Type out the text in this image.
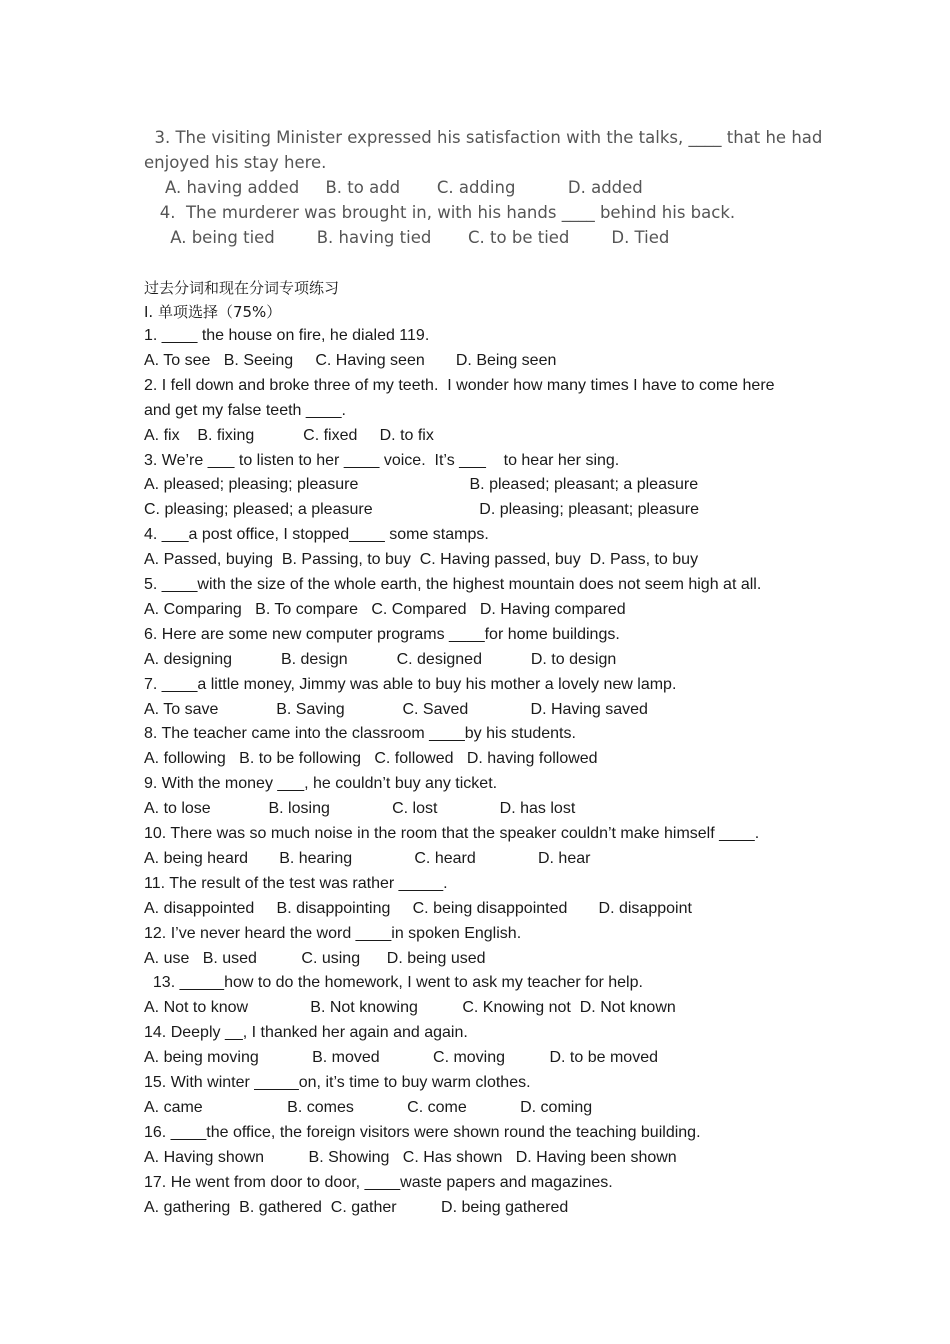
3. The visiting Minister expressed his satisfaction with the talks, ____ that he had
enjoyed his stay here.
A. having added     B. to add       C. adding          D. added
4.  The murderer was brought in, with his hands ____ behind his back.
A. being tied        B. having tied       C. to be tied        D. Tied
过去分词和现在分词专项练习
I. 单项选择（75%）
1. ____ the house on fire, he dialed 119.
A. To see   B. Seeing     C. Having seen       D. Being seen
2. I fell down and broke three of my teeth.  I wonder how many times I have to come here
and get my false teeth ____.
A. fix    B. fixing           C. fixed     D. to fix
3. We’re ___ to listen to her ____ voice.  It’s ___    to hear her sing.
A. pleased; pleasing; pleasure                         B. pleased; pleasant; a pleasure
C. pleasing; pleased; a pleasure                        D. pleasing; pleasant; pleasure
4. ___a post office, I stopped____ some stamps.
A. Passed, buying  B. Passing, to buy  C. Having passed, buy  D. Pass, to buy
5. ____with the size of the whole earth, the highest mountain does not seem high at all.
A. Comparing   B. To compare   C. Compared   D. Having compared
6. Here are some new computer programs ____for home buildings.
A. designing           B. design           C. designed           D. to design
7. ____a little money, Jimmy was able to buy his mother a lovely new lamp.
A. To save             B. Saving             C. Saved              D. Having saved
8. The teacher came into the classroom ____by his students.
A. following   B. to be following   C. followed   D. having followed
9. With the money ___, he couldn’t buy any ticket.
A. to lose             B. losing              C. lost              D. has lost
10. There was so much noise in the room that the speaker couldn’t make himself ____.
A. being heard       B. hearing              C. heard              D. hear
11. The result of the test was rather _____.
A. disappointed     B. disappointing     C. being disappointed       D. disappoint
12. I’ve never heard the word ____in spoken English.
A. use   B. used          C. using      D. being used
13. _____how to do the homework, I went to ask my teacher for help.
A. Not to know              B. Not knowing          C. Knowing not  D. Not known
14. Deeply __, I thanked her again and again.
A. being moving            B. moved            C. moving          D. to be moved
15. With winter _____on, it’s time to buy warm clothes.
A. came                   B. comes            C. come            D. coming
16. ____the office, the foreign visitors were shown round the teaching building.
A. Having shown          B. Showing   C. Has shown   D. Having been shown
17. He went from door to door, ____waste papers and magazines.
A. gathering  B. gathered  C. gather          D. being gathered
